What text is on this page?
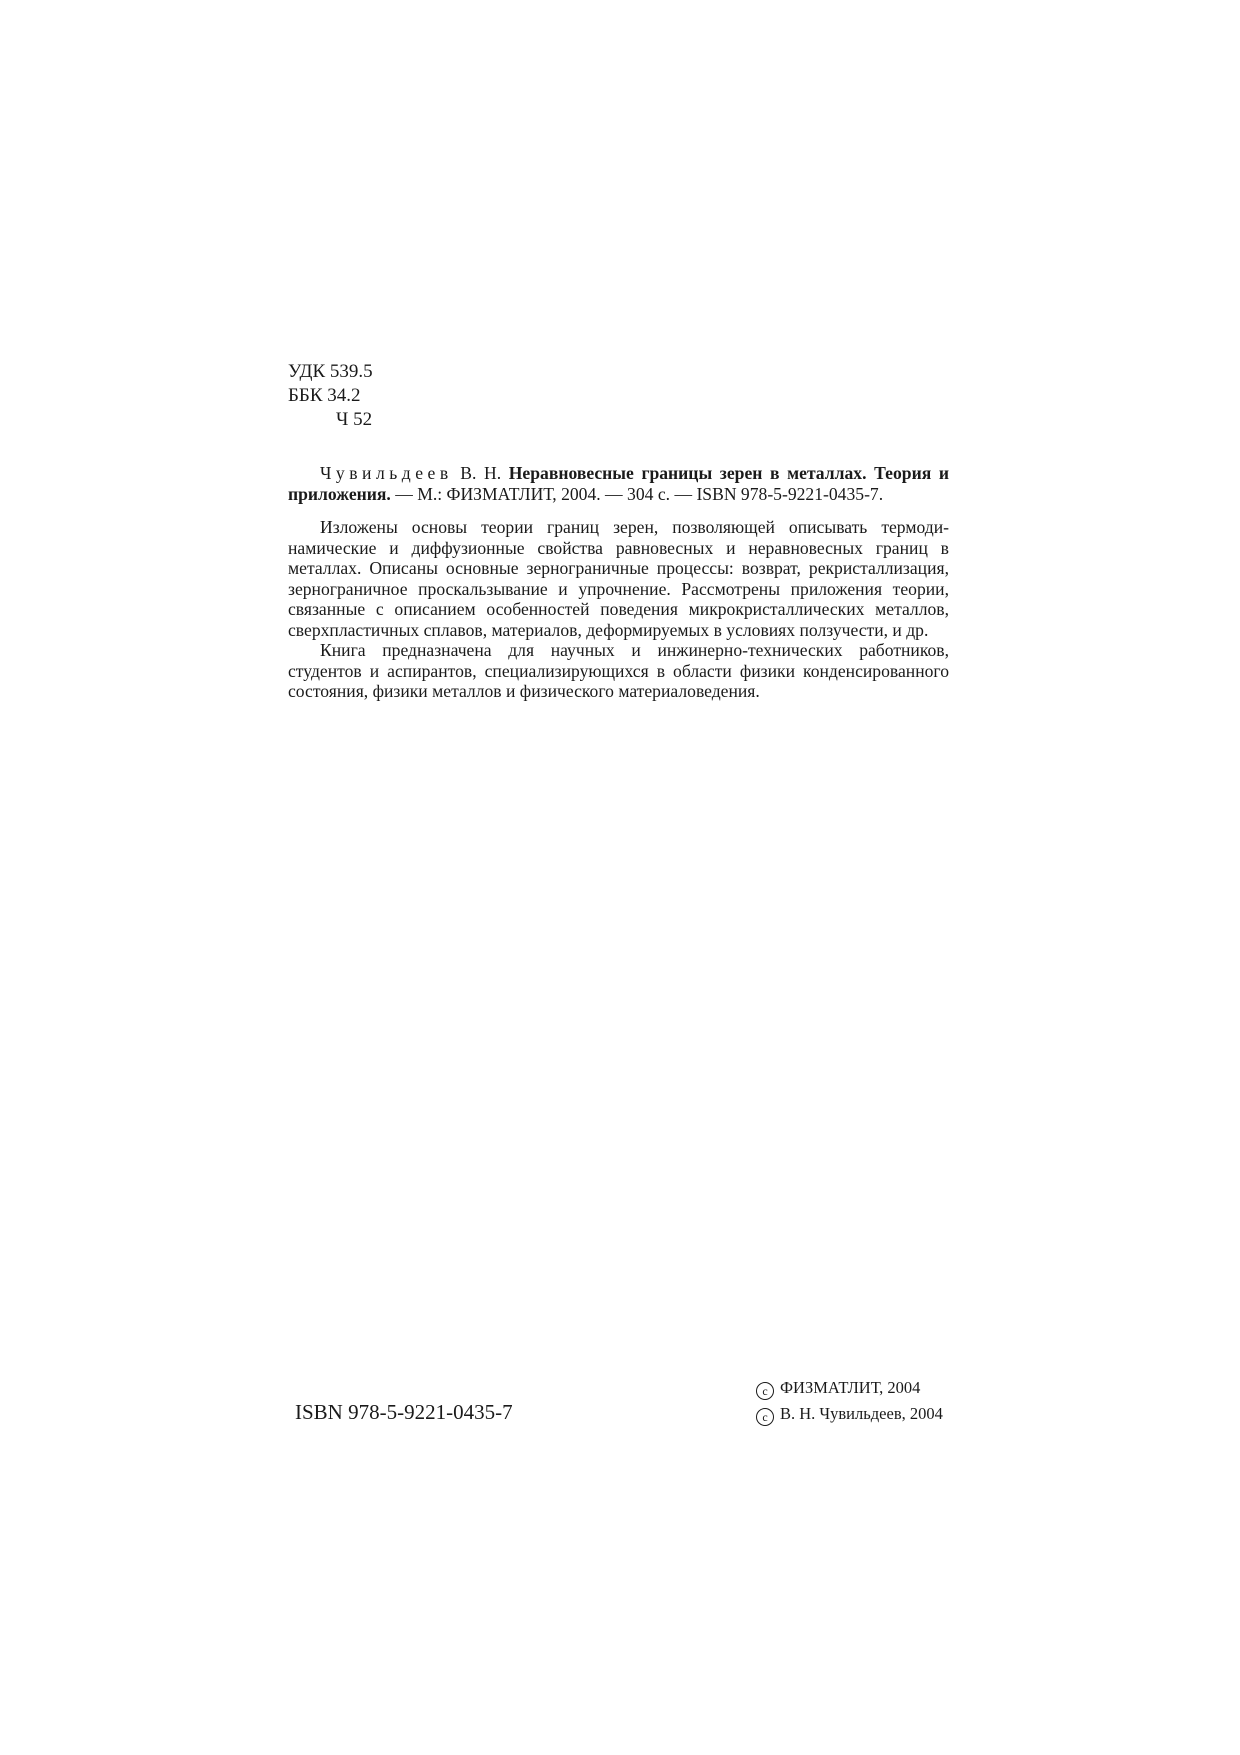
УДК 539.5
ББК 34.2
Ч 52

Чувильдеев В. Н. Неравновесные границы зерен в металлах. Теория и приложения. — М.: ФИЗМАТЛИТ, 2004. — 304 с. — ISBN 978-5-9221-0435-7.

Изложены основы теории границ зерен, позволяющей описывать термодинамические и диффузионные свойства равновесных и неравновесных границ в металлах. Описаны основные зернограничные процессы: возврат, рекристаллизация, зернограничное проскальзывание и упрочнение. Рассмотрены приложения теории, связанные с описанием особенностей поведения микрокристаллических металлов, сверхпластичных сплавов, материалов, деформируемых в условиях ползучести, и др.

Книга предназначена для научных и инжинерно-технических работников, студентов и аспирантов, специализирующихся в области физики конденсированного состояния, физики металлов и физического материаловедения.

ISBN 978-5-9221-0435-7
c ФИЗМАТЛИТ, 2004
c В. Н. Чувильдеев, 2004
